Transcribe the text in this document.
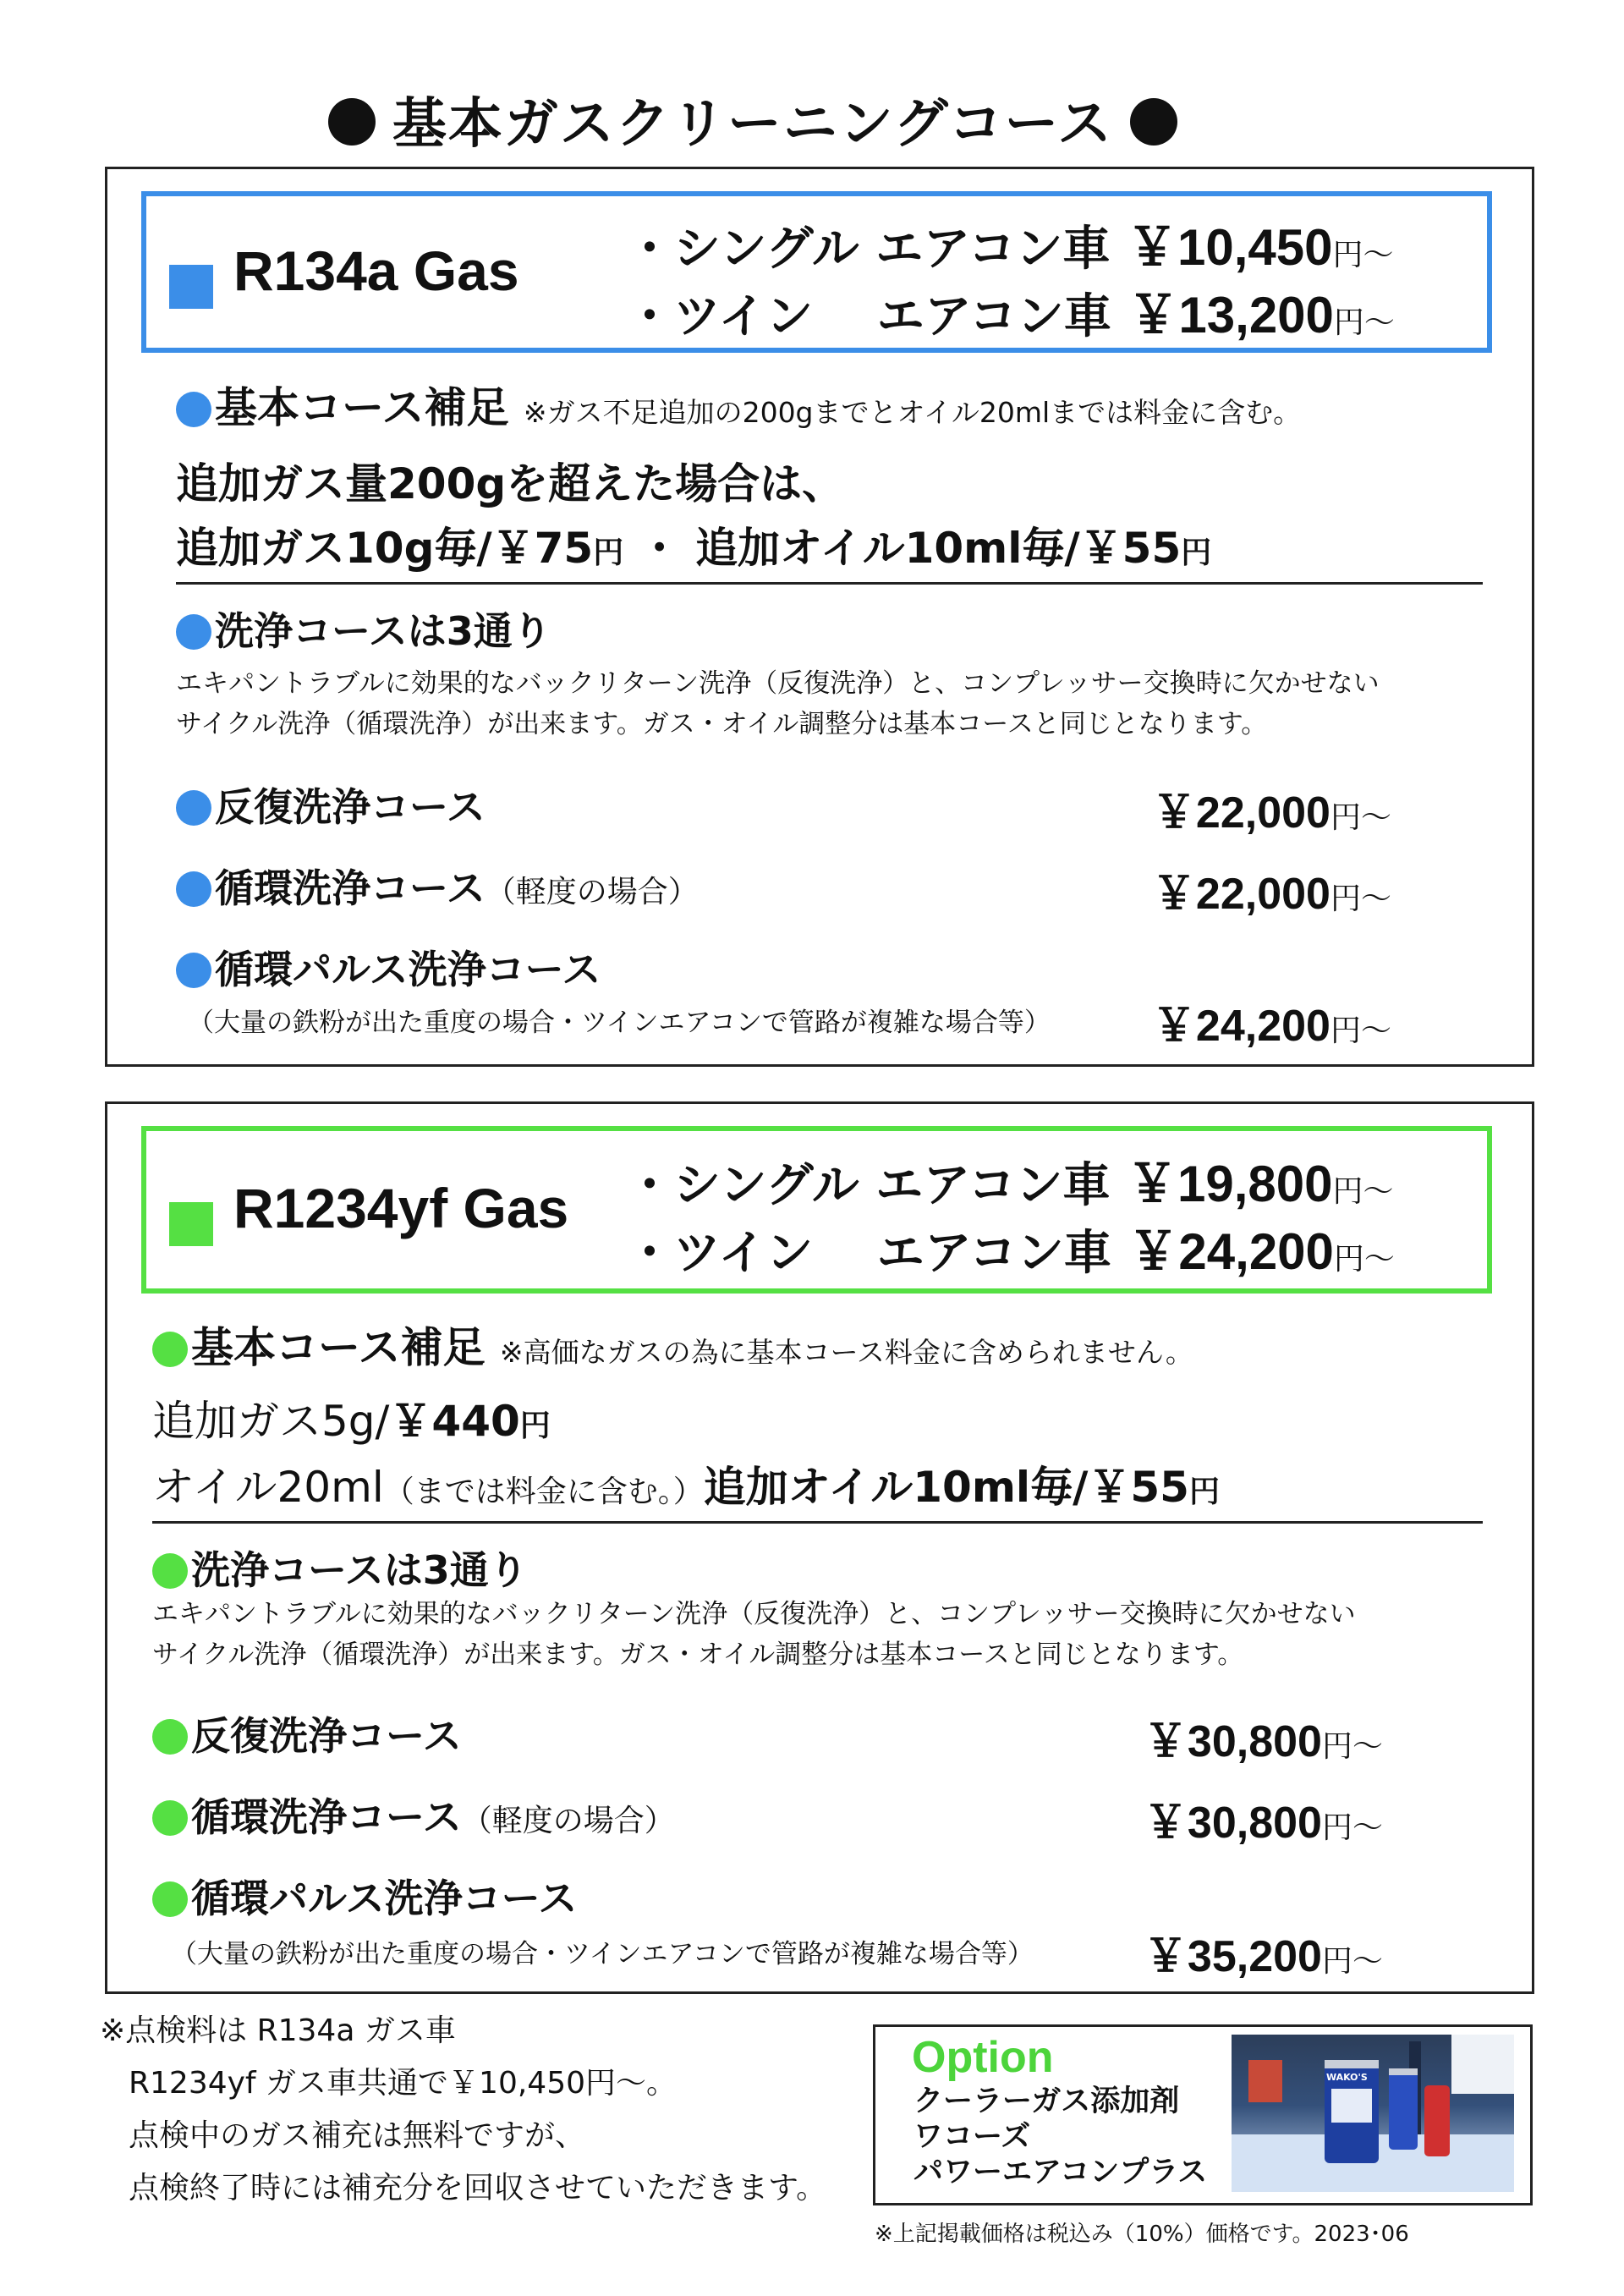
基本ガスクリーニングコース
R134a Gas ・シングル エアコン車 ￥10,450円～
・ツイン　 エアコン車 ￥13,200円～
基本コース補足 ※ガス不足追加の200gまでとオイル20mlまでは料金に含む。
追加ガス量200gを超えた場合は、
追加ガス10g毎/￥75円 ・ 追加オイル10ml毎/￥55円
洗浄コースは3通り
エキパントラブルに効果的なバックリターン洗浄（反復洗浄）と、コンプレッサー交換時に欠かせない
サイクル洗浄（循環洗浄）が出来ます。ガス・オイル調整分は基本コースと同じとなります。
反復洗浄コース	￥22,000円～
循環洗浄コース（軽度の場合）	￥22,000円～
循環パルス洗浄コース
（大量の鉄粉が出た重度の場合・ツインエアコンで管路が複雑な場合等）	￥24,200円～
R1234yf Gas ・シングル エアコン車 ￥19,800円～
・ツイン　 エアコン車 ￥24,200円～
基本コース補足 ※高価なガスの為に基本コース料金に含められません。
追加ガス5g/￥440円
オイル20ml（までは料金に含む。）追加オイル10ml毎/￥55円
洗浄コースは3通り
エキパントラブルに効果的なバックリターン洗浄（反復洗浄）と、コンプレッサー交換時に欠かせない
サイクル洗浄（循環洗浄）が出来ます。ガス・オイル調整分は基本コースと同じとなります。
反復洗浄コース	￥30,800円～
循環洗浄コース（軽度の場合）	￥30,800円～
循環パルス洗浄コース
（大量の鉄粉が出た重度の場合・ツインエアコンで管路が複雑な場合等）	￥35,200円～
※点検料は R134a ガス車
R1234yf ガス車共通で￥10,450円～。
点検中のガス補充は無料ですが、
点検終了時には補充分を回収させていただきます。
Option
クーラーガス添加剤
ワコーズ
パワーエアコンプラス
WAKO'S
※上記掲載価格は税込み（10%）価格です。2023･06
